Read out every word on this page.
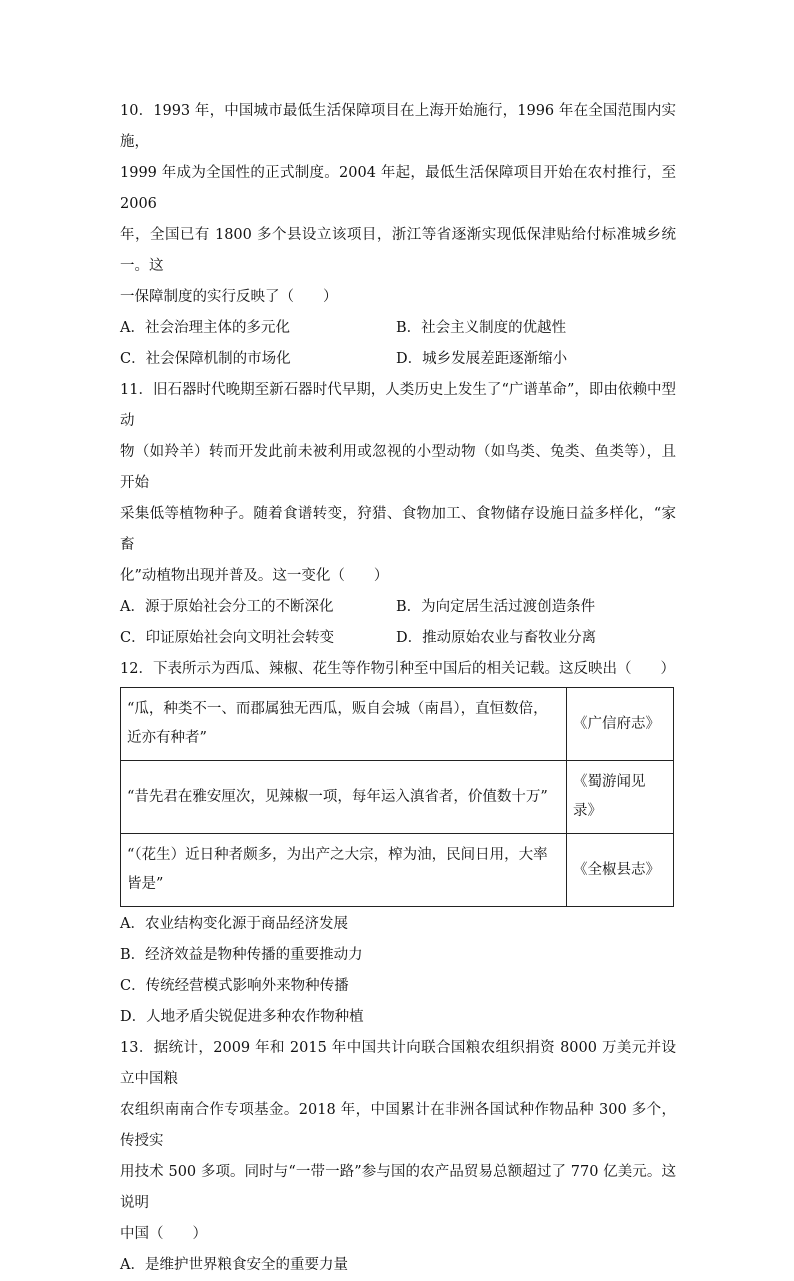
10．1993 年，中国城市最低生活保障项目在上海开始施行，1996 年在全国范围内实施，
1999 年成为全国性的正式制度。2004 年起，最低生活保障项目开始在农村推行，至 2006
年，全国已有 1800 多个县设立该项目，浙江等省逐渐实现低保津贴给付标准城乡统一。这
一保障制度的实行反映了（　　）
A．社会治理主体的多元化	B．社会主义制度的优越性
C．社会保障机制的市场化	D．城乡发展差距逐渐缩小
11．旧石器时代晚期至新石器时代早期，人类历史上发生了“广谱革命”，即由依赖中型动
物（如羚羊）转而开发此前未被利用或忽视的小型动物（如鸟类、兔类、鱼类等），且开始
采集低等植物种子。随着食谱转变，狩猎、食物加工、食物储存设施日益多样化，“家畜
化”动植物出现并普及。这一变化（　　）
A．源于原始社会分工的不断深化	B．为向定居生活过渡创造条件
C．印证原始社会向文明社会转变	D．推动原始农业与畜牧业分离
12．下表所示为西瓜、辣椒、花生等作物引种至中国后的相关记载。这反映出（　　）
“瓜，种类不一、而郡属独无西瓜，贩自会城（南昌），直恒数倍，近亦有种者”	《广信府志》
“昔先君在雅安厘次，见辣椒一项，每年运入滇省者，价值数十万”	《蜀游闻见录》
“（花生）近日种者颇多，为出产之大宗，榨为油，民间日用，大率皆是”	《全椒县志》
A．农业结构变化源于商品经济发展
B．经济效益是物种传播的重要推动力
C．传统经营模式影响外来物种传播
D．人地矛盾尖锐促进多种农作物种植
13．据统计，2009 年和 2015 年中国共计向联合国粮农组织捐资 8000 万美元并设立中国粮
农组织南南合作专项基金。2018 年，中国累计在非洲各国试种作物品种 300 多个，传授实
用技术 500 多项。同时与“一带一路”参与国的农产品贸易总额超过了 770 亿美元。这说明
中国（　　）
A．是维护世界粮食安全的重要力量
